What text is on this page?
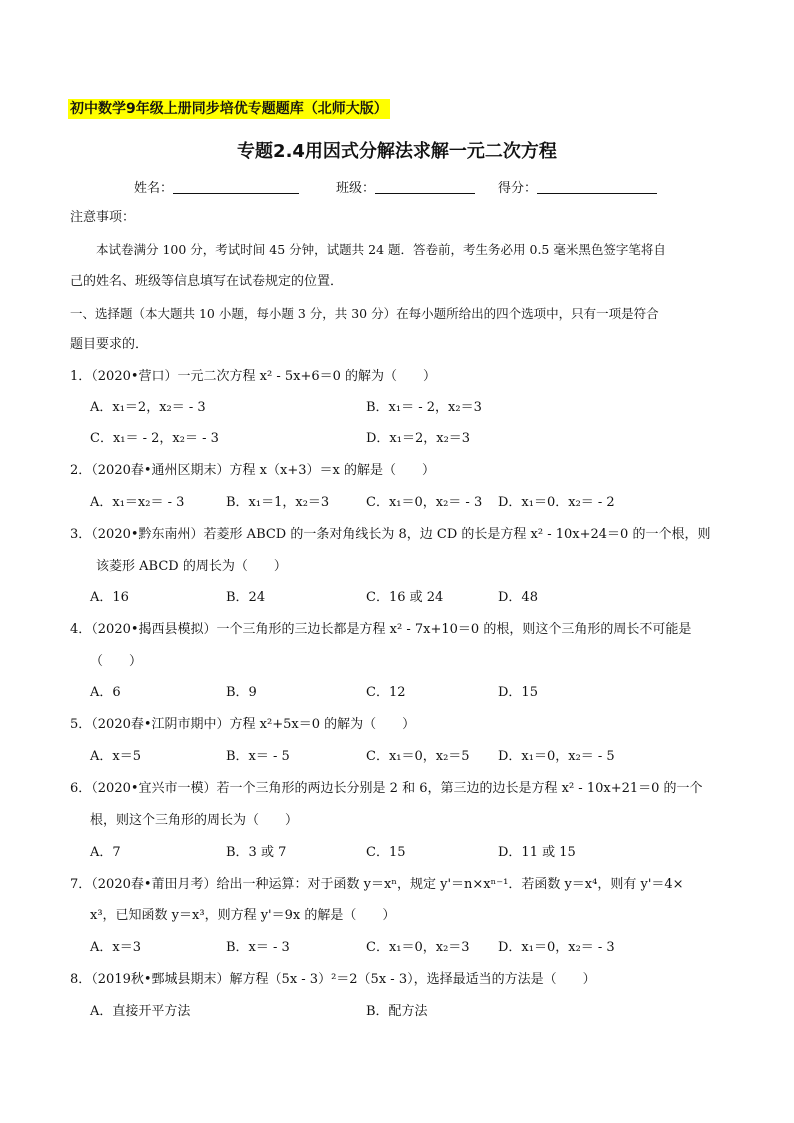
初中数学9年级上册同步培优专题题库（北师大版）
专题2.4用因式分解法求解一元二次方程
姓名：	班级：	得分：
注意事项：
本试卷满分 100 分，考试时间 45 分钟，试题共 24 题．答卷前，考生务必用 0.5 毫米黑色签字笔将自
己的姓名、班级等信息填写在试卷规定的位置．
一、选择题（本大题共 10 小题，每小题 3 分，共 30 分）在每小题所给出的四个选项中，只有一项是符合
题目要求的．
1．（2020•营口）一元二次方程 x² - 5x+6＝0 的解为（　　）
A．x₁＝2，x₂＝ - 3	B．x₁＝ - 2，x₂＝3
C．x₁＝ - 2，x₂＝ - 3	D．x₁＝2，x₂＝3
2．（2020春•通州区期末）方程 x（x+3）＝x 的解是（　　）
A．x₁＝x₂＝ - 3	B．x₁＝1，x₂＝3	C．x₁＝0，x₂＝ - 3 D．x₁＝0．x₂＝ - 2
3．（2020•黔东南州）若菱形 ABCD 的一条对角线长为 8，边 CD 的长是方程 x² - 10x+24＝0 的一个根，则
该菱形 ABCD 的周长为（　　）
A．16	B．24	C．16 或 24	D．48
4．（2020•揭西县模拟）一个三角形的三边长都是方程 x² - 7x+10＝0 的根，则这个三角形的周长不可能是
（　　）
A．6	B．9	C．12	D．15
5．（2020春•江阴市期中）方程 x²+5x＝0 的解为（　　）
A．x＝5	B．x＝ - 5	C．x₁＝0，x₂＝5 D．x₁＝0，x₂＝ - 5
6．（2020•宜兴市一模）若一个三角形的两边长分别是 2 和 6，第三边的边长是方程 x² - 10x+21＝0 的一个
根，则这个三角形的周长为（　　）
A．7	B．3 或 7	C．15	D．11 或 15
7．（2020春•莆田月考）给出一种运算：对于函数 y＝xⁿ，规定 y'＝n×xⁿ⁻¹．若函数 y＝x⁴，则有 y'＝4×
x³，已知函数 y＝x³，则方程 y'＝9x 的解是（　　）
A．x＝3	B．x＝ - 3	C．x₁＝0，x₂＝3 D．x₁＝0，x₂＝ - 3
8．（2019秋•鄄城县期末）解方程（5x - 3）²＝2（5x - 3），选择最适当的方法是（　　）
A．直接开平方法	B．配方法
